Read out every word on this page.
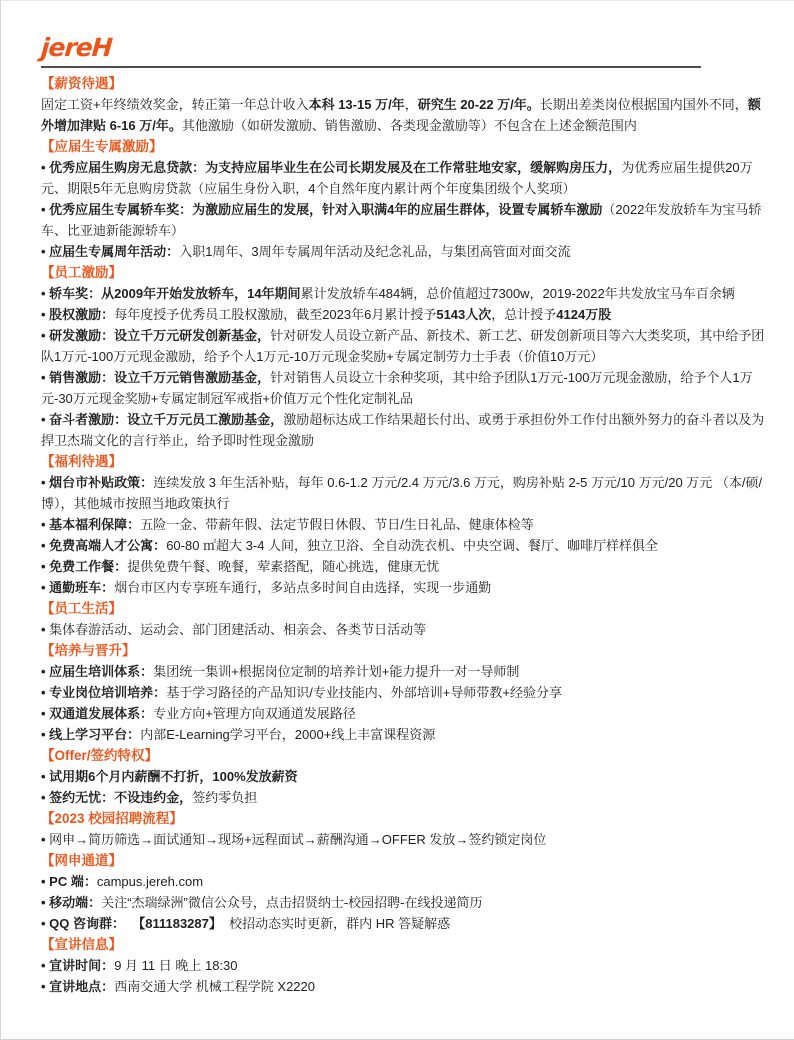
jereH
【薪资待遇】

固定工资+年终绩效奖金，转正第一年总计收入本科 13-15 万/年，研究生 20-22 万/年。长期出差类岗位根据国内国外不同，额外增加津贴 6-16 万/年。其他激励（如研发激励、销售激励、各类现金激励等）不包含在上述金额范围内

【应届生专属激励】

• 优秀应届生购房无息贷款：为支持应届毕业生在公司长期发展及在工作常驻地安家，缓解购房压力，为优秀应届生提供20万元、期限5年无息购房贷款（应届生身份入职，4个自然年度内累计两个年度集团级个人奖项）

• 优秀应届生专属轿车奖：为激励应届生的发展，针对入职满4年的应届生群体，设置专属轿车激励（2022年发放轿车为宝马轿车、比亚迪新能源轿车）

• 应届生专属周年活动：入职1周年、3周年专属周年活动及纪念礼品，与集团高管面对面交流

【员工激励】

• 轿车奖：从2009年开始发放轿车，14年期间累计发放轿车484辆，总价值超过7300w，2019-2022年共发放宝马车百余辆

• 股权激励：每年度授予优秀员工股权激励，截至2023年6月累计授予5143人次，总计授予4124万股

• 研发激励：设立千万元研发创新基金，针对研发人员设立新产品、新技术、新工艺、研发创新项目等六大类奖项，其中给予团队1万元-100万元现金激励，给予个人1万元-10万元现金奖励+专属定制劳力士手表（价值10万元）

• 销售激励：设立千万元销售激励基金，针对销售人员设立十余种奖项，其中给予团队1万元-100万元现金激励，给予个人1万元-30万元现金奖励+专属定制冠军戒指+价值万元个性化定制礼品

• 奋斗者激励：设立千万元员工激励基金，激励超标达成工作结果超长付出、或勇于承担份外工作付出额外努力的奋斗者以及为捍卫杰瑞文化的言行举止，给予即时性现金激励

【福利待遇】

• 烟台市补贴政策：连续发放 3 年生活补贴，每年 0.6-1.2 万元/2.4 万元/3.6 万元，购房补贴 2-5 万元/10 万元/20 万元 （本/硕/博），其他城市按照当地政策执行

• 基本福利保障：五险一金、带薪年假、法定节假日休假、节日/生日礼品、健康体检等

• 免费高端人才公寓：60-80 ㎡超大 3-4 人间，独立卫浴、全自动洗衣机、中央空调、餐厅、咖啡厅样样俱全

• 免费工作餐：提供免费午餐、晚餐，荤素搭配，随心挑选，健康无忧

• 通勤班车：烟台市区内专享班车通行，多站点多时间自由选择，实现一步通勤

【员工生活】

• 集体春游活动、运动会、部门团建活动、相亲会、各类节日活动等

【培养与晋升】

• 应届生培训体系：集团统一集训+根据岗位定制的培养计划+能力提升一对一导师制

• 专业岗位培训培养：基于学习路径的产品知识/专业技能内、外部培训+导师带教+经验分享

• 双通道发展体系：专业方向+管理方向双通道发展路径

• 线上学习平台：内部E-Learning学习平台，2000+线上丰富课程资源

【Offer/签约特权】

• 试用期6个月内薪酬不打折，100%发放薪资

• 签约无忧：不设违约金，签约零负担

【2023 校园招聘流程】

• 网申→简历筛选→面试通知→现场+远程面试→薪酬沟通→OFFER 发放→签约锁定岗位

【网申通道】

• PC 端：campus.jereh.com

• 移动端：关注“杰瑞绿洲”微信公众号，点击招贤纳士-校园招聘-在线投递简历

• QQ 咨询群：  【811183287】  校招动态实时更新，群内 HR 答疑解惑

【宣讲信息】

• 宣讲时间：9 月 11 日 晚上 18:30

• 宣讲地点：西南交通大学 机械工程学院 X2220
